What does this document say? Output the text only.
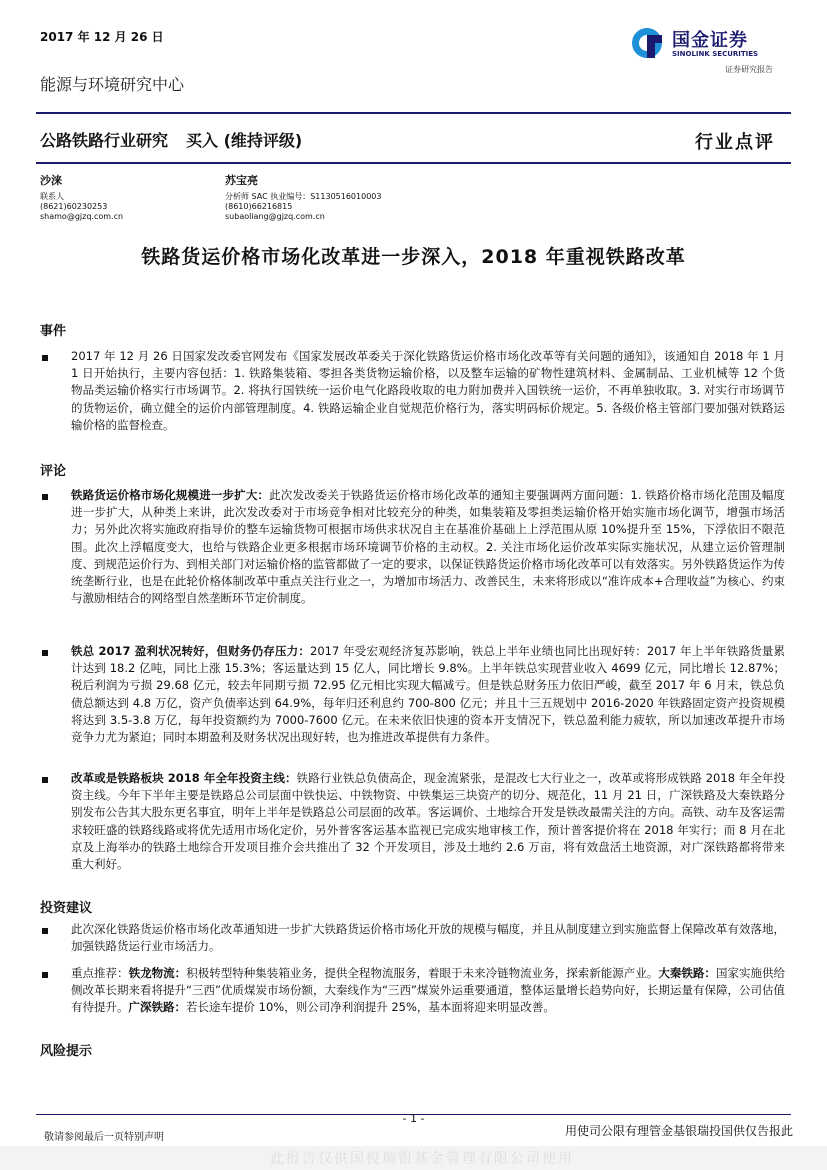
2017 年 12 月 26 日	国金证券
SINOLINK SECURITIES
证券研究报告
能源与环境研究中心
公路铁路行业研究 买入 (维持评级)	行业点评
沙涞
联系人
(8621)60230253
shamo@gjzq.com.cn
苏宝亮
分析师 SAC 执业编号：S1130516010003
(8610)66216815
subaoliang@gjzq.com.cn
铁路货运价格市场化改革进一步深入，2018 年重视铁路改革
事件
2017 年 12 月 26 日国家发改委官网发布《国家发展改革委关于深化铁路货运价格市场化改革等有关问题的通知》，该通知自 2018 年 1 月 1 日开始执行，主要内容包括：1. 铁路集装箱、零担各类货物运输价格，以及整车运输的矿物性建筑材料、金属制品、工业机械等 12 个货物品类运输价格实行市场调节。2. 将执行国铁统一运价电气化路段收取的电力附加费并入国铁统一运价，不再单独收取。3. 对实行市场调节的货物运价，确立健全的运价内部管理制度。4. 铁路运输企业自觉规范价格行为，落实明码标价规定。5. 各级价格主管部门要加强对铁路运输价格的监督检查。
评论
铁路货运价格市场化规模进一步扩大：此次发改委关于铁路货运价格市场化改革的通知主要强调两方面问题：1. 铁路价格市场化范围及幅度进一步扩大，从种类上来讲，此次发改委对于市场竞争相对比较充分的种类，如集装箱及零担类运输价格开始实施市场化调节，增强市场活力；另外此次将实施政府指导价的整车运输货物可根据市场供求状况自主在基准价基础上上浮范围从原 10%提升至 15%，下浮依旧不限范围。此次上浮幅度变大，也给与铁路企业更多根据市场环境调节价格的主动权。2. 关注市场化运价改革实际实施状况，从建立运价管理制度、到规范运价行为、到相关部门对运输价格的监管都做了一定的要求，以保证铁路货运价格市场化改革可以有效落实。另外铁路货运作为传统垄断行业，也是在此轮价格体制改革中重点关注行业之一，为增加市场活力、改善民生，未来将形成以“准许成本+合理收益”为核心、约束与激励相结合的网络型自然垄断环节定价制度。
铁总 2017 盈利状况转好，但财务仍存压力：2017 年受宏观经济复苏影响，铁总上半年业绩也同比出现好转：2017 年上半年铁路货量累计达到 18.2 亿吨，同比上涨 15.3%；客运量达到 15 亿人，同比增长 9.8%。上半年铁总实现营业收入 4699 亿元，同比增长 12.87%；税后利润为亏损 29.68 亿元，较去年同期亏损 72.95 亿元相比实现大幅减亏。但是铁总财务压力依旧严峻，截至 2017 年 6 月末，铁总负债总额达到 4.8 万亿，资产负债率达到 64.9%，每年归还利息约 700-800 亿元；并且十三五规划中 2016-2020 年铁路固定资产投资规模将达到 3.5-3.8 万亿，每年投资额约为 7000-7600 亿元。在未来依旧快速的资本开支情况下，铁总盈利能力疲软，所以加速改革提升市场竞争力尤为紧迫；同时本期盈利及财务状况出现好转，也为推进改革提供有力条件。
改革或是铁路板块 2018 年全年投资主线：铁路行业铁总负债高企，现金流紧张，是混改七大行业之一，改革或将形成铁路 2018 年全年投资主线。今年下半年主要是铁路总公司层面中铁快运、中铁物资、中铁集运三块资产的切分、规范化，11 月 21 日，广深铁路及大秦铁路分别发布公告其大股东更名事宜，明年上半年是铁路总公司层面的改革。客运调价、土地综合开发是铁改最需关注的方向。高铁、动车及客运需求较旺盛的铁路线路或将优先适用市场化定价，另外普客客运基本监视已完成实地审核工作，预计普客提价将在 2018 年实行；而 8 月在北京及上海举办的铁路土地综合开发项目推介会共推出了 32 个开发项目，涉及土地约 2.6 万亩，将有效盘活土地资源，对广深铁路都将带来重大利好。
投资建议
此次深化铁路货运价格市场化改革通知进一步扩大铁路货运价格市场化开放的规模与幅度，并且从制度建立到实施监督上保障改革有效落地，加强铁路货运行业市场活力。
重点推荐：铁龙物流：积极转型特种集装箱业务，提供全程物流服务，着眼于未来冷链物流业务，探索新能源产业。大秦铁路：国家实施供给侧改革长期来看将提升“三西”优质煤炭市场份额，大秦线作为“三西”煤炭外运重要通道，整体运量增长趋势向好，长期运量有保障，公司估值有待提升。广深铁路：若长途车提价 10%，则公司净利润提升 25%，基本面将迎来明显改善。
风险提示
- 1 -
敬请参阅最后一页特别声明	用使司公限有理管金基银瑞投国供仅告报此
此报告仅供国投瑞银基金管理有限公司使用
